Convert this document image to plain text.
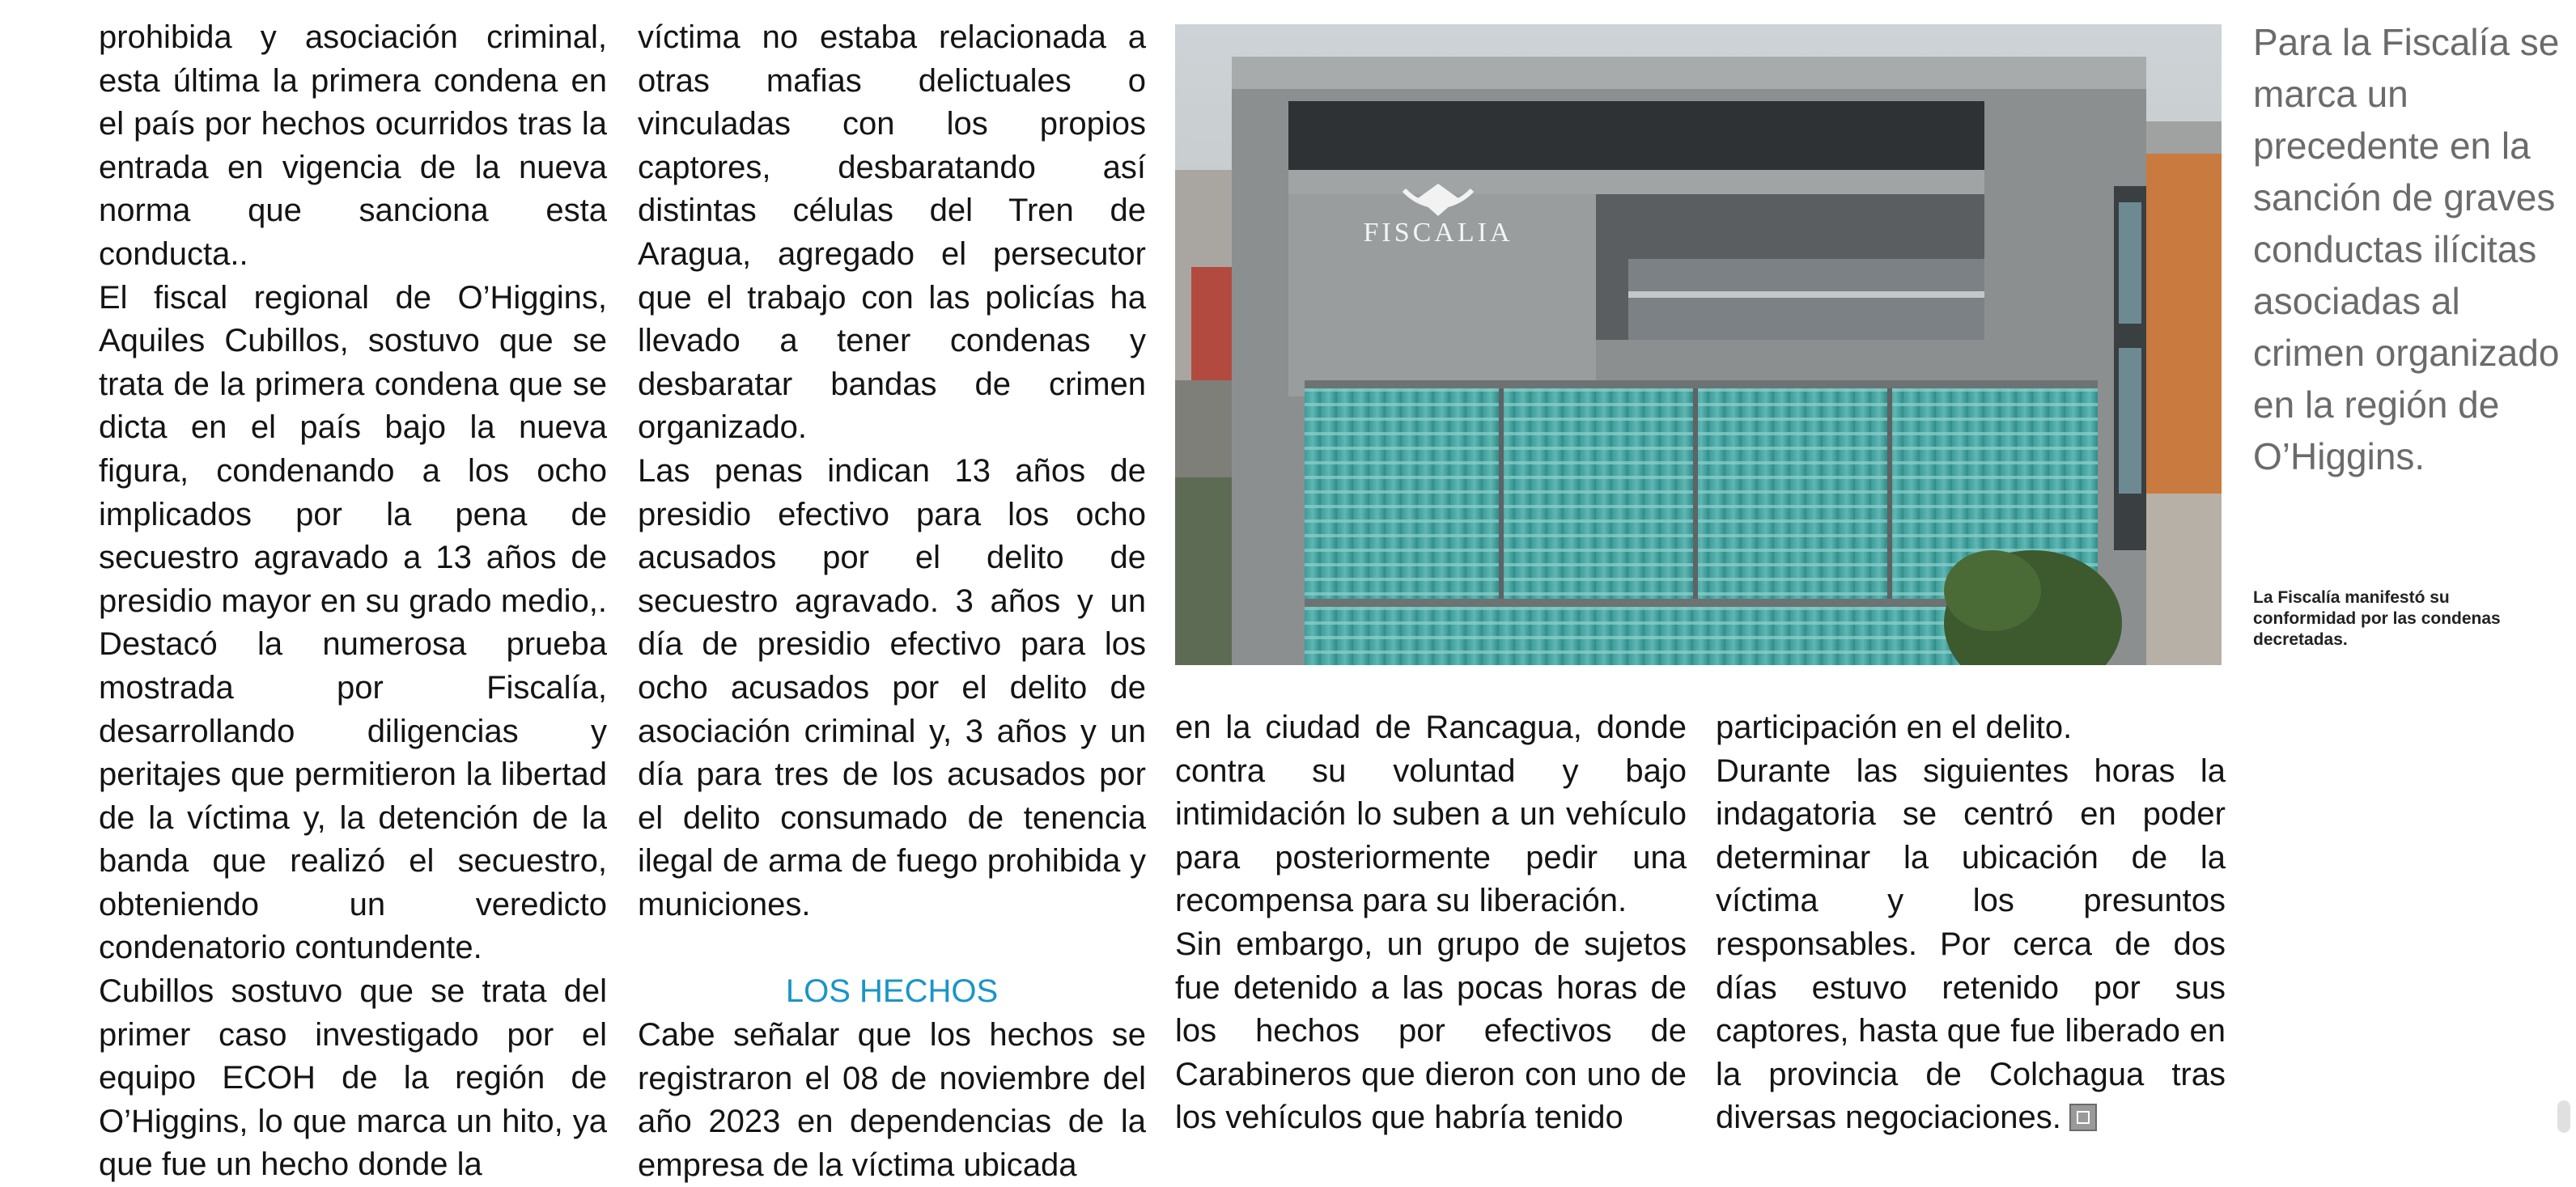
prohibida y asociación criminal, esta última la primera condena en el país por hechos ocurridos tras la entrada en vigencia de la nueva norma que sanciona esta conducta..

El fiscal regional de O’Higgins, Aquiles Cubillos, sostuvo que se trata de la primera condena que se dicta en el país bajo la nueva figura, condenando a los ocho implicados por la pena de secuestro agravado a 13 años de presidio mayor en su grado medio,. Destacó la numerosa prueba mostrada por Fiscalía, desarrollando diligencias y peritajes que permitieron la libertad de la víctima y, la detención de la banda que realizó el secuestro, obteniendo un veredicto condenatorio contundente.

Cubillos sostuvo que se trata del primer caso investigado por el equipo ECOH de la región de O’Higgins, lo que marca un hito, ya que fue un hecho donde la

víctima no estaba relacionada a otras mafias delictuales o vinculadas con los propios captores, desbaratando así distintas células del Tren de Aragua, agregado el persecutor que el trabajo con las policías ha llevado a tener condenas y desbaratar bandas de crimen organizado.

Las penas indican 13 años de presidio efectivo para los ocho acusados por el delito de secuestro agravado. 3 años y un día de presidio efectivo para los ocho acusados por el delito de asociación criminal y, 3 años y un día para tres de los acusados por el delito consumado de tenencia ilegal de arma de fuego prohibida y municiones.

LOS HECHOS

Cabe señalar que los hechos se registraron el 08 de noviembre del año 2023 en dependencias de la empresa de la víctima ubicada

FISCALIA

en la ciudad de Rancagua, donde contra su voluntad y bajo intimidación lo suben a un vehículo para posteriormente pedir una recompensa para su liberación.

Sin embargo, un grupo de sujetos fue detenido a las pocas horas de los hechos por efectivos de Carabineros que dieron con uno de los vehículos que habría tenido

participación en el delito.

Durante las siguientes horas la indagatoria se centró en poder determinar la ubicación de la víctima y los presuntos responsables. Por cerca de dos días estuvo retenido por sus captores, hasta que fue liberado en la provincia de Colchagua tras diversas negociaciones.

Para la Fiscalía se marca un precedente en la sanción de graves conductas ilícitas asociadas al crimen organizado en la región de O’Higgins.
La Fiscalía manifestó su conformidad por las condenas decretadas.
